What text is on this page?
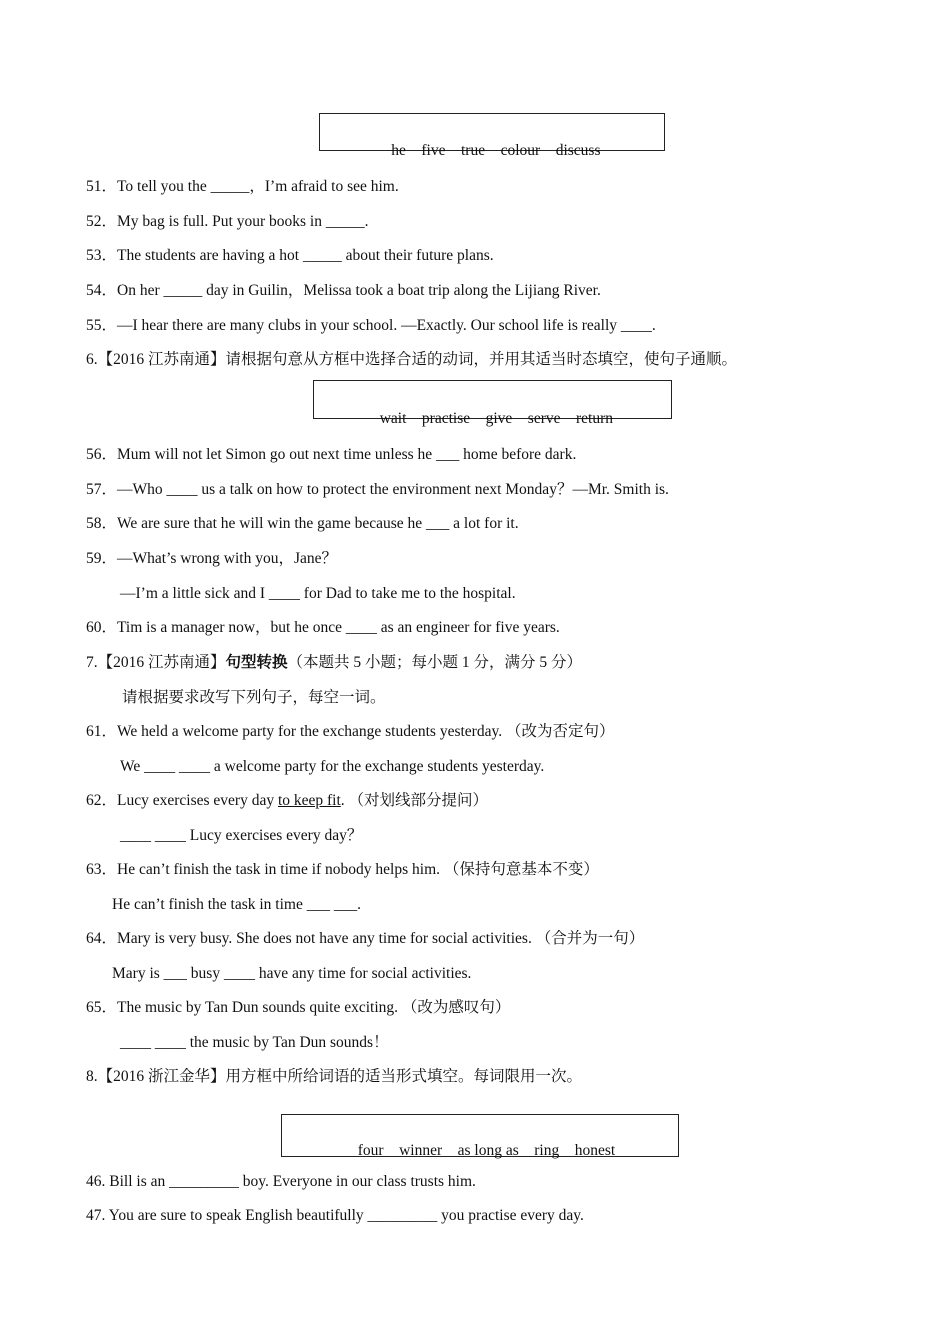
he    five    true    colour    discuss

51．To tell you the _____，I’m afraid to see him.
52．My bag is full. Put your books in _____.
53．The students are having a hot _____ about their future plans.
54．On her _____ day in Guilin，Melissa took a boat trip along the Lijiang River.
55．—I hear there are many clubs in your school. —Exactly. Our school life is really ____.
6.【2016 江苏南通】请根据句意从方框中选择合适的动词，并用其适当时态填空，使句子通顺。

wait    practise    give    serve    return

56．Mum will not let Simon go out next time unless he ___ home before dark.
57．—Who ____ us a talk on how to protect the environment next Monday？—Mr. Smith is.
58．We are sure that he will win the game because he ___ a lot for it.
59．—What’s wrong with you，Jane？
—I’m a little sick and I ____ for Dad to take me to the hospital.
60．Tim is a manager now，but he once ____ as an engineer for five years.
7.【2016 江苏南通】句型转换（本题共 5 小题；每小题 1 分，满分 5 分）
请根据要求改写下列句子，每空一词。
61．We held a welcome party for the exchange students yesterday. （改为否定句）
We ____ ____ a welcome party for the exchange students yesterday.
62．Lucy exercises every day to keep fit. （对划线部分提问）
____ ____ Lucy exercises every day？
63．He can’t finish the task in time if nobody helps him. （保持句意基本不变）
He can’t finish the task in time ___ ___.
64．Mary is very busy. She does not have any time for social activities. （合并为一句）
Mary is ___ busy ____ have any time for social activities.
65．The music by Tan Dun sounds quite exciting. （改为感叹句）
____ ____ the music by Tan Dun sounds！
8.【2016 浙江金华】用方框中所给词语的适当形式填空。每词限用一次。

four    winner    as long as    ring    honest

46. Bill is an _________ boy. Everyone in our class trusts him.
47. You are sure to speak English beautifully _________ you practise every day.
